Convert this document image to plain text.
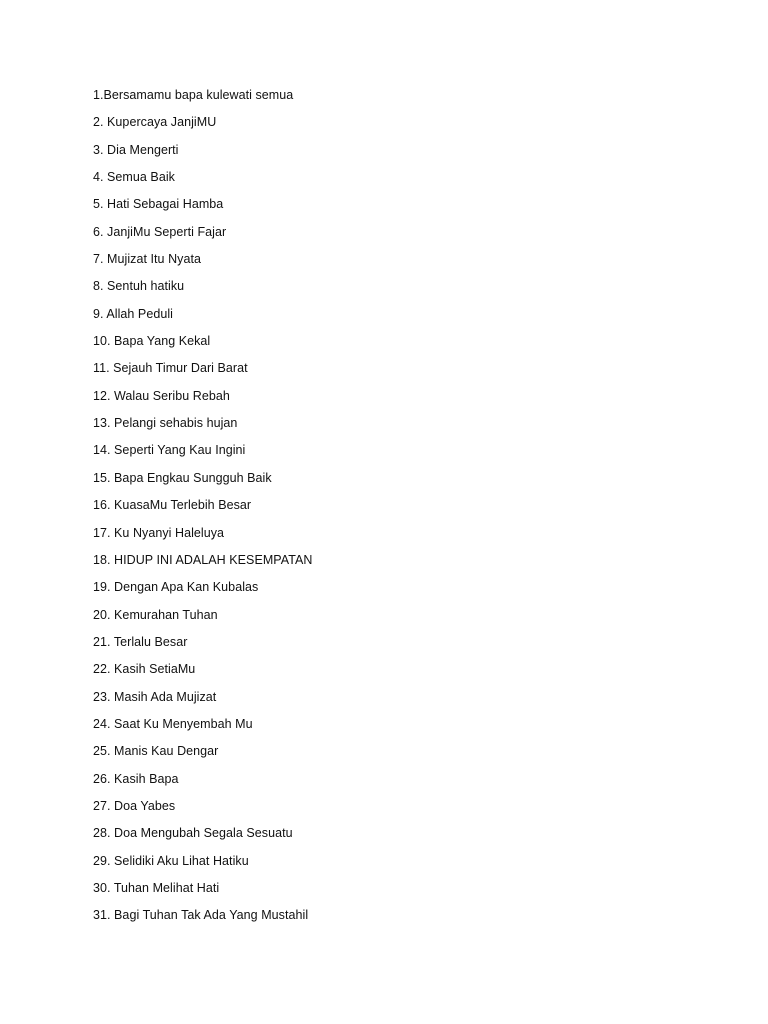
1.Bersamamu bapa kulewati semua
2. Kupercaya JanjiMU
3. Dia Mengerti
4. Semua Baik
5. Hati Sebagai Hamba
6. JanjiMu Seperti Fajar
7. Mujizat Itu Nyata
8. Sentuh hatiku
9. Allah Peduli
10. Bapa Yang Kekal
11. Sejauh Timur Dari Barat
12. Walau Seribu Rebah
13. Pelangi sehabis hujan
14. Seperti Yang Kau Ingini
15. Bapa Engkau Sungguh Baik
16. KuasaMu Terlebih Besar
17. Ku Nyanyi Haleluya
18. HIDUP INI ADALAH KESEMPATAN
19. Dengan Apa Kan Kubalas
20. Kemurahan Tuhan
21. Terlalu Besar
22. Kasih SetiaMu
23. Masih Ada Mujizat
24. Saat Ku Menyembah Mu
25. Manis Kau Dengar
26. Kasih Bapa
27. Doa Yabes
28. Doa Mengubah Segala Sesuatu
29. Selidiki Aku Lihat Hatiku
30. Tuhan Melihat Hati
31. Bagi Tuhan Tak Ada Yang Mustahil
